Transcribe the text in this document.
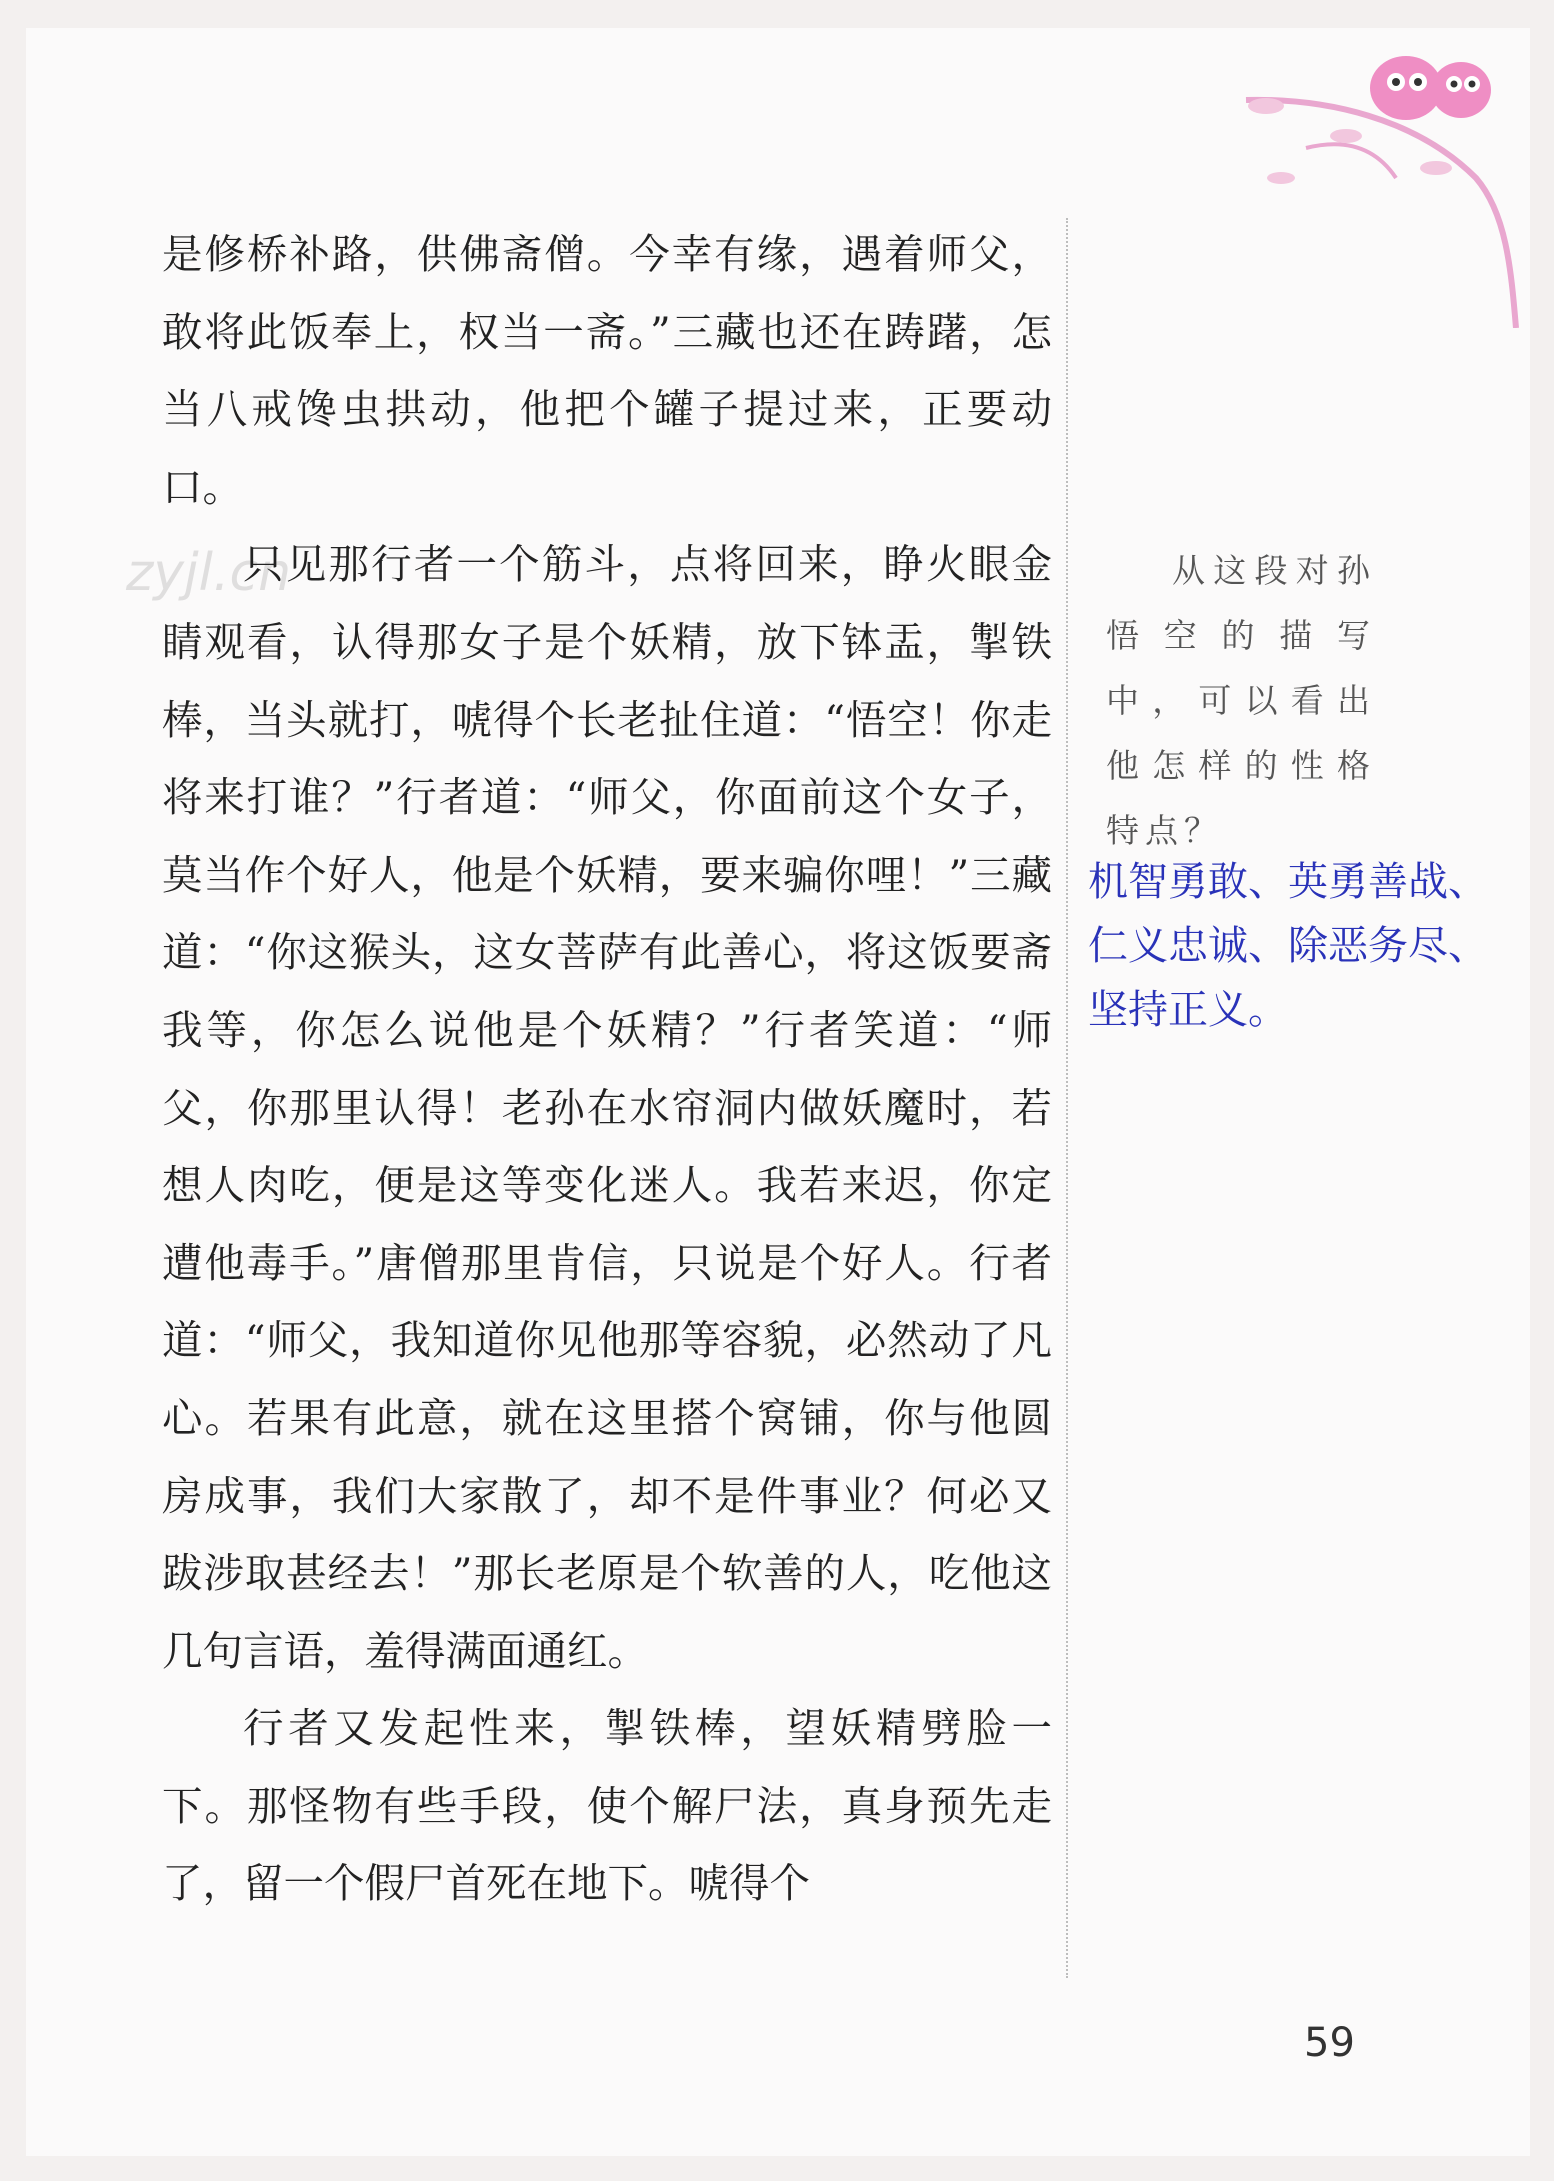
zyjl.cn

是修桥补路，供佛斋僧。今幸有缘，遇着师父，敢将此饭奉上，权当一斋。”三藏也还在踌躇，怎当八戒馋虫拱动，他把个罐子提过来，正要动口。

只见那行者一个筋斗，点将回来，睁火眼金睛观看，认得那女子是个妖精，放下钵盂，掣铁棒，当头就打，唬得个长老扯住道：“悟空！你走将来打谁？”行者道：“师父，你面前这个女子，莫当作个好人，他是个妖精，要来骗你哩！”三藏道：“你这猴头，这女菩萨有此善心，将这饭要斋我等，你怎么说他是个妖精？”行者笑道：“师父，你那里认得！老孙在水帘洞内做妖魔时，若想人肉吃，便是这等变化迷人。我若来迟，你定遭他毒手。”唐僧那里肯信，只说是个好人。行者道：“师父，我知道你见他那等容貌，必然动了凡心。若果有此意，就在这里搭个窝铺，你与他圆房成事，我们大家散了，却不是件事业？何必又跋涉取甚经去！”那长老原是个软善的人，吃他这几句言语，羞得满面通红。

行者又发起性来，掣铁棒，望妖精劈脸一下。那怪物有些手段，使个解尸法，真身预先走了，留一个假尸首死在地下。唬得个

从这段对孙悟空的描写中，可以看出他怎样的性格特点？
机智勇敢、英勇善战、
仁义忠诚、除恶务尽、
坚持正义。
59
